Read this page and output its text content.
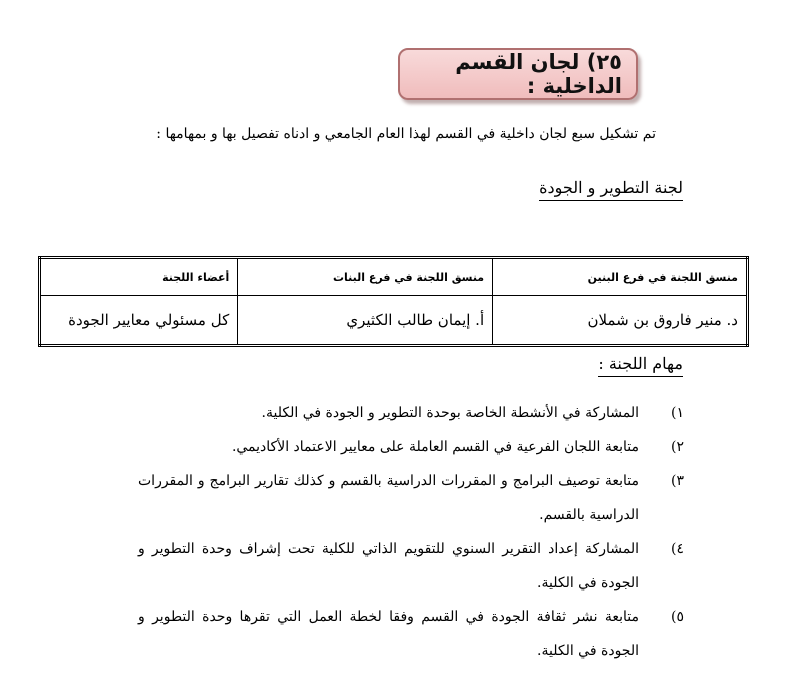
٢٥) لجان القسم الداخلية :
تم تشكيل سبع لجان داخلية في القسم لهذا العام الجامعي و ادناه تفصيل بها و بمهامها :
لجنة التطوير و الجودة
منسق اللجنة في فرع البنين	منسق اللجنة في فرع البنات	أعضاء اللجنة
د. منير فاروق بن شملان	أ. إيمان طالب الكثيري	كل مسئولي معايير الجودة
مهام اللجنة :
١)
المشاركة في الأنشطة الخاصة بوحدة التطوير و الجودة في الكلية.
٢)
متابعة اللجان الفرعية في القسم العاملة على معايير الاعتماد الأكاديمي.
٣)
متابعة توصيف البرامج و المقررات الدراسية بالقسم و كذلك تقارير البرامج و المقررات الدراسية بالقسم.
٤)
المشاركة إعداد التقرير السنوي للتقويم الذاتي للكلية تحت إشراف وحدة التطوير و الجودة في الكلية.
٥)
متابعة نشر ثقافة الجودة في القسم وفقا لخطة العمل التي تقرها وحدة التطوير و الجودة في الكلية.
